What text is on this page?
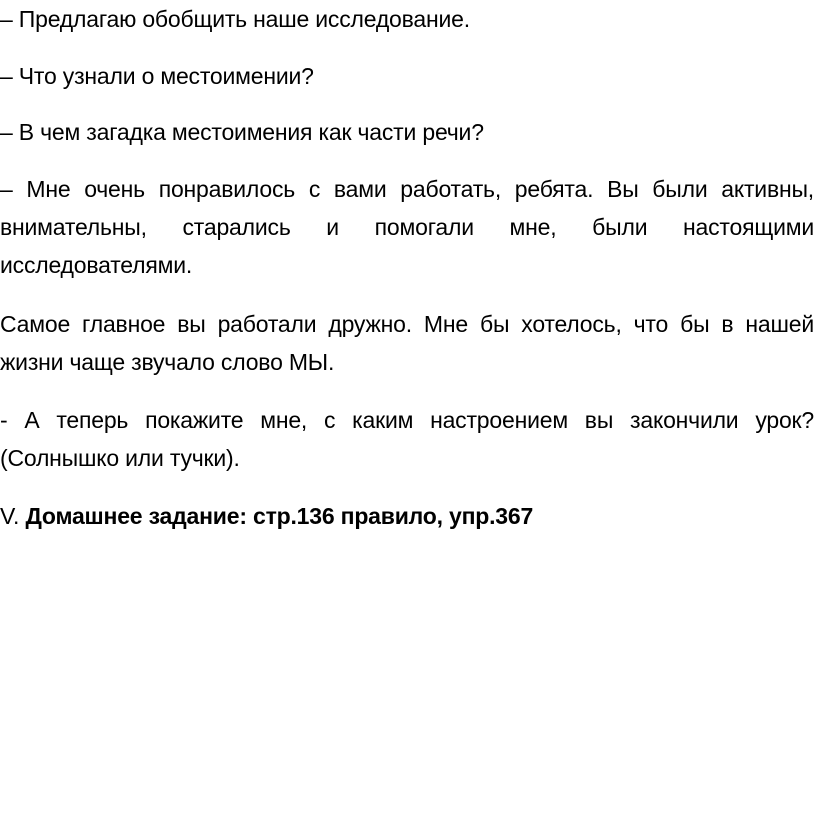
– Предлагаю обобщить наше исследование.

– Что узнали о местоимении?

– В чем загадка местоимения как части речи?

– Мне очень понравилось с вами работать, ребята. Вы были активны, внимательны, старались и помогали мне, были настоящими исследователями.

Самое главное вы работали дружно. Мне бы хотелось, что бы в нашей жизни чаще звучало слово МЫ.

- А теперь покажите мне, с каким настроением вы закончили урок? (Солнышко или тучки).

V. Домашнее задание: стр.136 правило, упр.367
